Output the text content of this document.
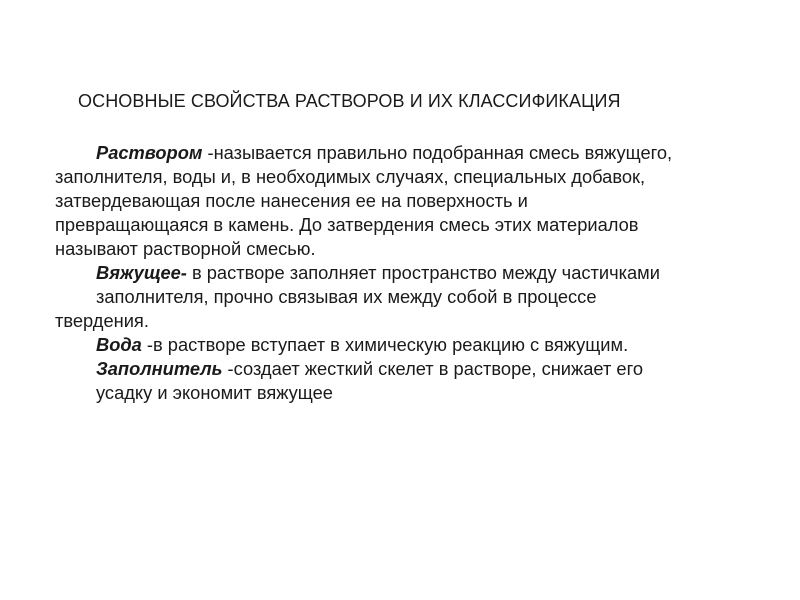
ОСНОВНЫЕ СВОЙСТВА РАСТВОРОВ И ИХ КЛАССИФИКАЦИЯ
Раствором -называется правильно подобранная смесь вяжущего,
заполнителя, воды и, в необходимых случаях, специальных добавок,
затвердевающая после нанесения ее на поверхность и
превращающаяся в камень. До затвердения смесь этих материалов
называют растворной смесью.
Вяжущее- в растворе заполняет пространство между частичками
заполнителя, прочно связывая их между собой в процессе
твердения.
Вода -в растворе вступает в химическую реакцию с вяжущим.
Заполнитель -создает жесткий скелет в растворе, снижает его
усадку и экономит вяжущее
